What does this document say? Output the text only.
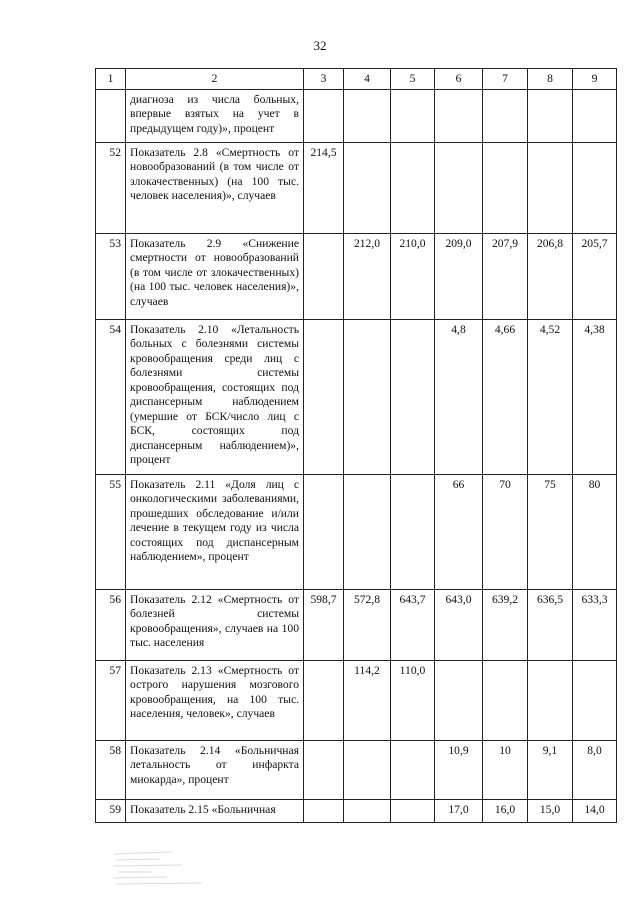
32
1	2	3	4	5	6	7	8	9
	диагноза из числа больных, впервые взятых на учет в предыдущем году)», процент							
52	Показатель 2.8 «Смертность от новообразований (в том числе от злокачественных) (на 100 тыс. человек населения)», случаев	214,5						
53	Показатель 2.9 «Снижение смертности от новообразований (в том числе от злокачественных) (на 100 тыс. человек населения)», случаев		212,0	210,0	209,0	207,9	206,8	205,7
54	Показатель 2.10 «Летальность больных с болезнями системы кровообращения среди лиц с болезнями системы кровообращения, состоящих под диспансерным наблюдением (умершие от БСК/число лиц с БСК, состоящих под диспансерным наблюдением)», процент				4,8	4,66	4,52	4,38
55	Показатель 2.11 «Доля лиц с онкологическими заболеваниями, прошедших обследование и/или лечение в текущем году из числа состоящих под диспансерным наблюдением», процент				66	70	75	80
56	Показатель 2.12 «Смертность от болезней системы кровообращения», случаев на 100 тыс. населения	598,7	572,8	643,7	643,0	639,2	636,5	633,3
57	Показатель 2.13 «Смертность от острого нарушения мозгового кровообращения, на 100 тыс. населения, человек», случаев		114,2	110,0				
58	Показатель 2.14 «Больничная летальность от инфаркта миокарда», процент				10,9	10	9,1	8,0
59	Показатель 2.15 «Больничная				17,0	16,0	15,0	14,0
